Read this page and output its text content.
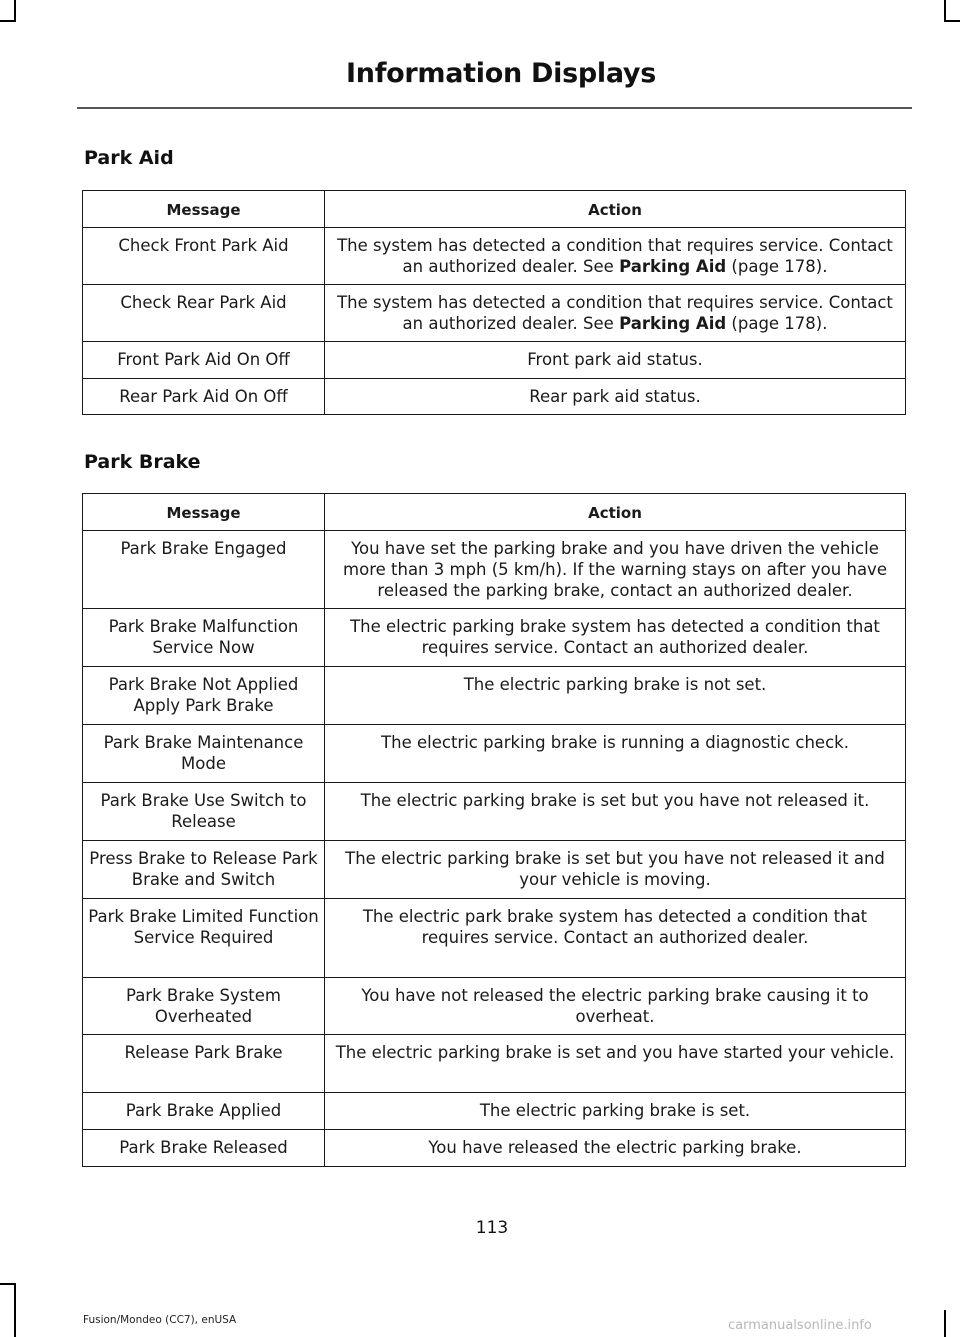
Information Displays
Park Aid
Message	Action
Check Front Park Aid	The system has detected a condition that requires service. Contact an authorized dealer. See Parking Aid (page 178).
Check Rear Park Aid	The system has detected a condition that requires service. Contact an authorized dealer. See Parking Aid (page 178).
Front Park Aid On Off	Front park aid status.
Rear Park Aid On Off	Rear park aid status.
Park Brake
Message	Action
Park Brake Engaged	You have set the parking brake and you have driven the vehicle more than 3 mph (5 km/h). If the warning stays on after you have released the parking brake, contact an authorized dealer.
Park Brake Malfunction Service Now	The electric parking brake system has detected a condition that requires service. Contact an authorized dealer.
Park Brake Not Applied Apply Park Brake	The electric parking brake is not set.
Park Brake Maintenance Mode	The electric parking brake is running a diagnostic check.
Park Brake Use Switch to Release	The electric parking brake is set but you have not released it.
Press Brake to Release Park Brake and Switch	The electric parking brake is set but you have not released it and your vehicle is moving.
Park Brake Limited Function Service Required	The electric park brake system has detected a condition that requires service. Contact an authorized dealer.
Park Brake System Overheated	You have not released the electric parking brake causing it to overheat.
Release Park Brake	The electric parking brake is set and you have started your vehicle.
Park Brake Applied	The electric parking brake is set.
Park Brake Released	You have released the electric parking brake.
113
Fusion/Mondeo (CC7), enUSA	carmanualsonline.info
